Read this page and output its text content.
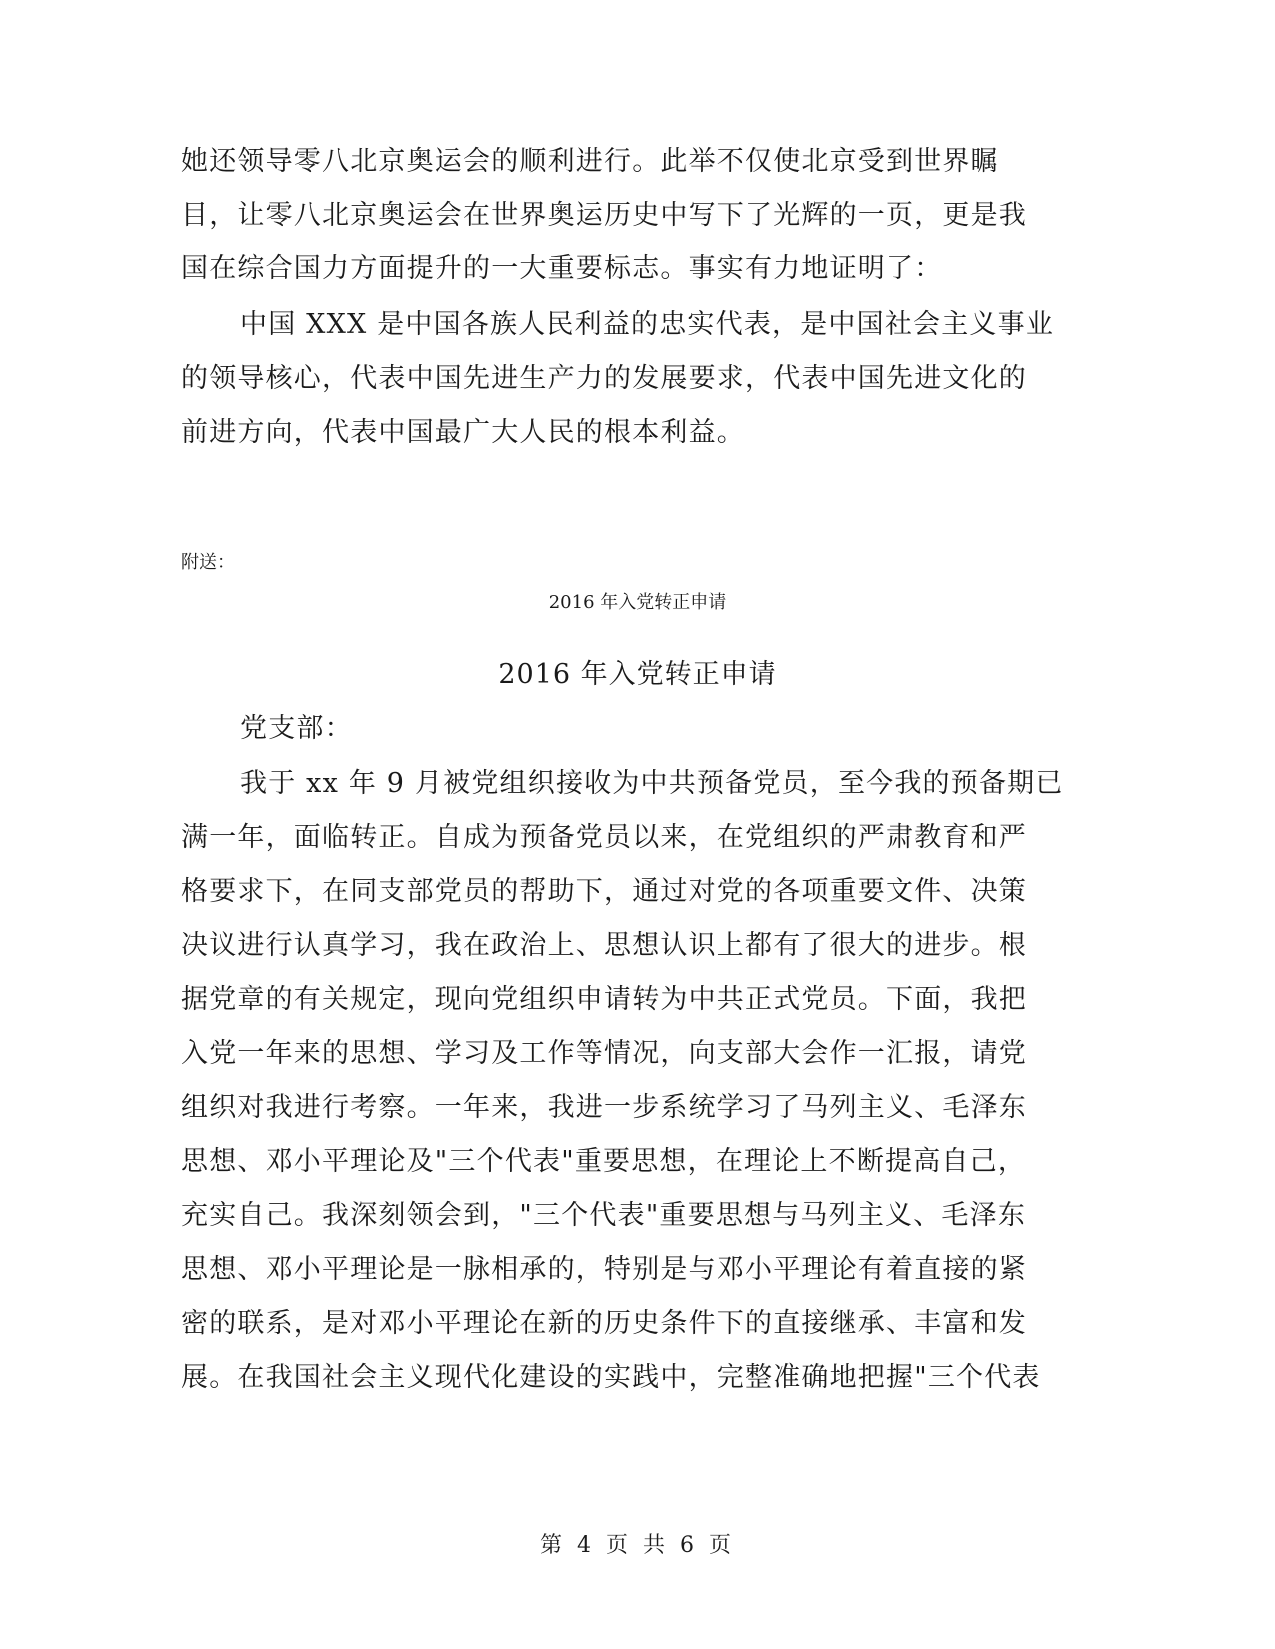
她还领导零八北京奥运会的顺利进行。此举不仅使北京受到世界瞩
目，让零八北京奥运会在世界奥运历史中写下了光辉的一页，更是我
国在综合国力方面提升的一大重要标志。事实有力地证明了：
中国 XXX 是中国各族人民利益的忠实代表，是中国社会主义事业
的领导核心，代表中国先进生产力的发展要求，代表中国先进文化的
前进方向，代表中国最广大人民的根本利益。
附送：
2016 年入党转正申请
2016 年入党转正申请
党支部：
我于 xx 年 9 月被党组织接收为中共预备党员，至今我的预备期已
满一年，面临转正。自成为预备党员以来，在党组织的严肃教育和严
格要求下，在同支部党员的帮助下，通过对党的各项重要文件、决策
决议进行认真学习，我在政治上、思想认识上都有了很大的进步。根
据党章的有关规定，现向党组织申请转为中共正式党员。下面，我把
入党一年来的思想、学习及工作等情况，向支部大会作一汇报，请党
组织对我进行考察。一年来，我进一步系统学习了马列主义、毛泽东
思想、邓小平理论及"三个代表"重要思想，在理论上不断提高自己，
充实自己。我深刻领会到，"三个代表"重要思想与马列主义、毛泽东
思想、邓小平理论是一脉相承的，特别是与邓小平理论有着直接的紧
密的联系，是对邓小平理论在新的历史条件下的直接继承、丰富和发
展。在我国社会主义现代化建设的实践中，完整准确地把握"三个代表
第 4 页 共 6 页
